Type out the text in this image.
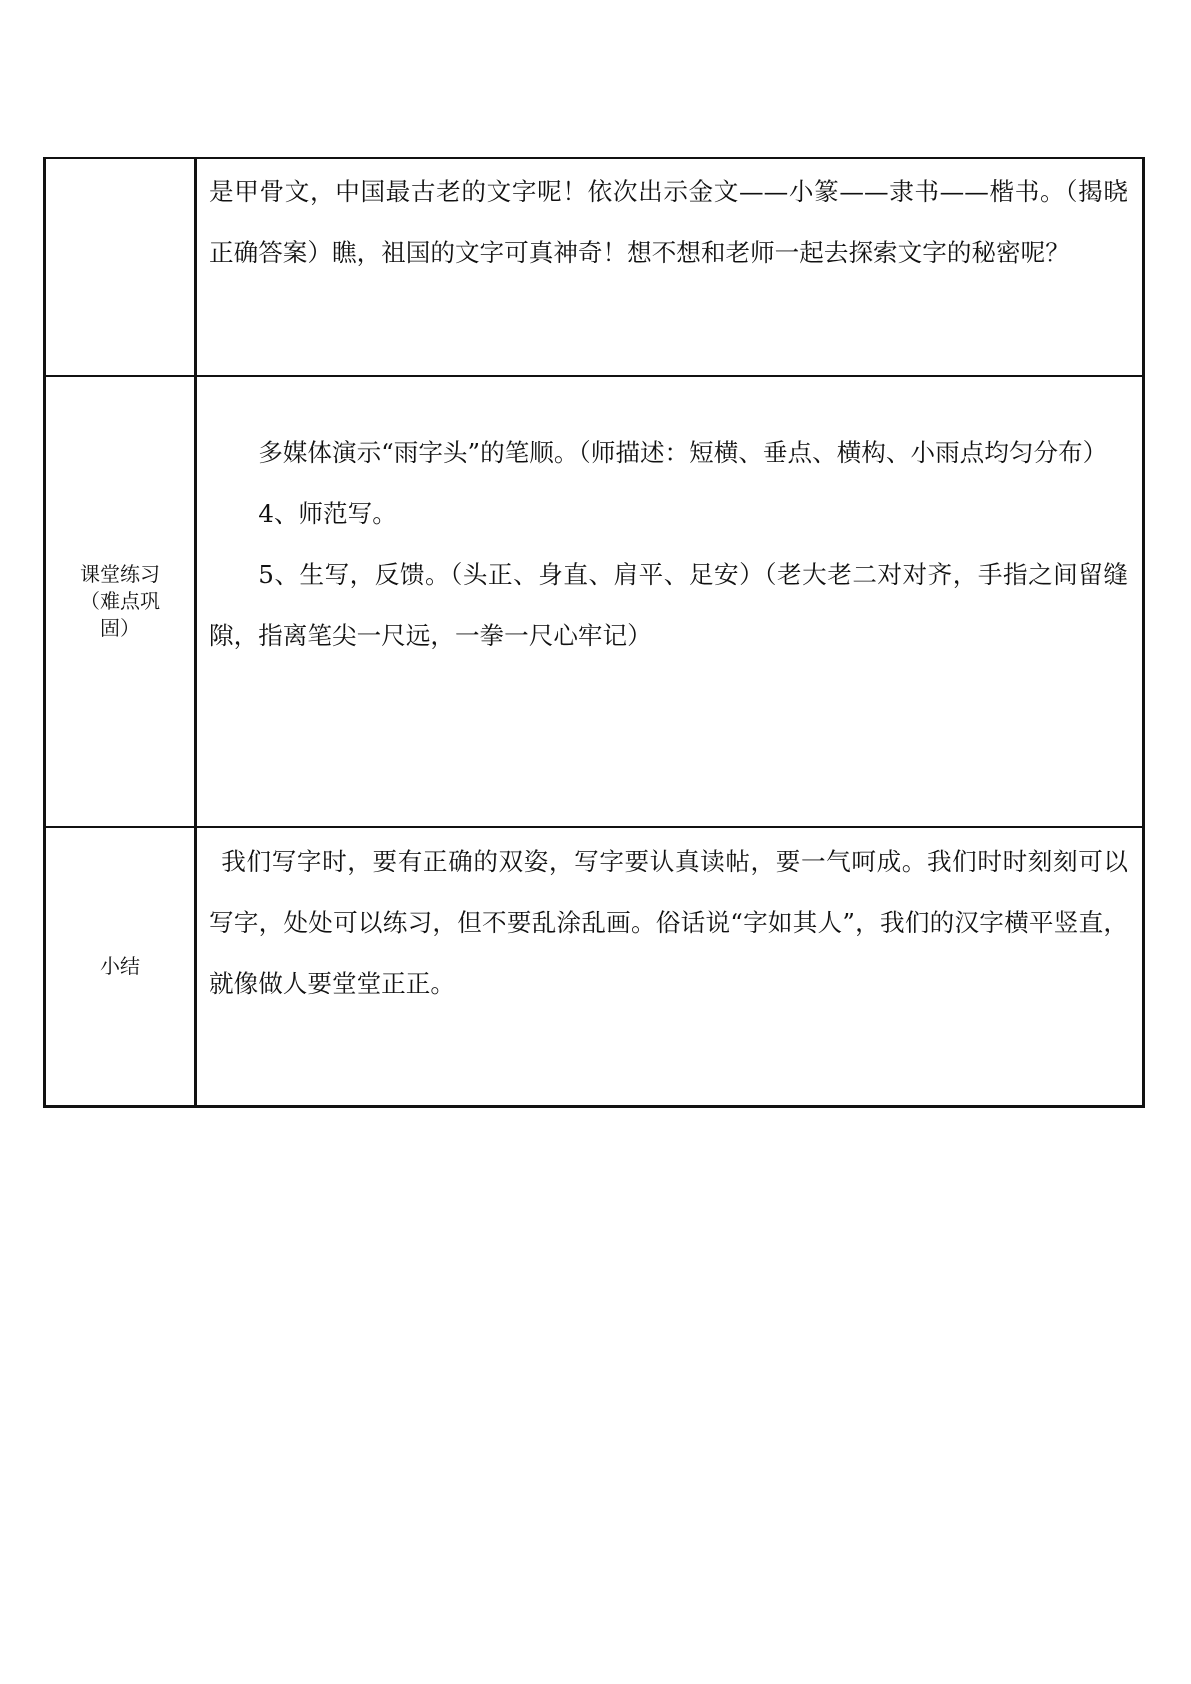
	是甲骨文，中国最古老的文字呢！依次出示金文——小篆——隶书——楷书。（揭晓正确答案）瞧，祖国的文字可真神奇！想不想和老师一起去探索文字的秘密呢？

课堂练习（难点巩固）	多媒体演示“雨字头”的笔顺。（师描述：短横、垂点、横构、小雨点均匀分布）

4、师范写。

5、生写，反馈。（头正、身直、肩平、足安）（老大老二对对齐，手指之间留缝隙，指离笔尖一尺远，一拳一尺心牢记）

小结	我们写字时，要有正确的双姿，写字要认真读帖，要一气呵成。我们时时刻刻可以写字，处处可以练习，但不要乱涂乱画。俗话说“字如其人”，我们的汉字横平竖直，就像做人要堂堂正正。
